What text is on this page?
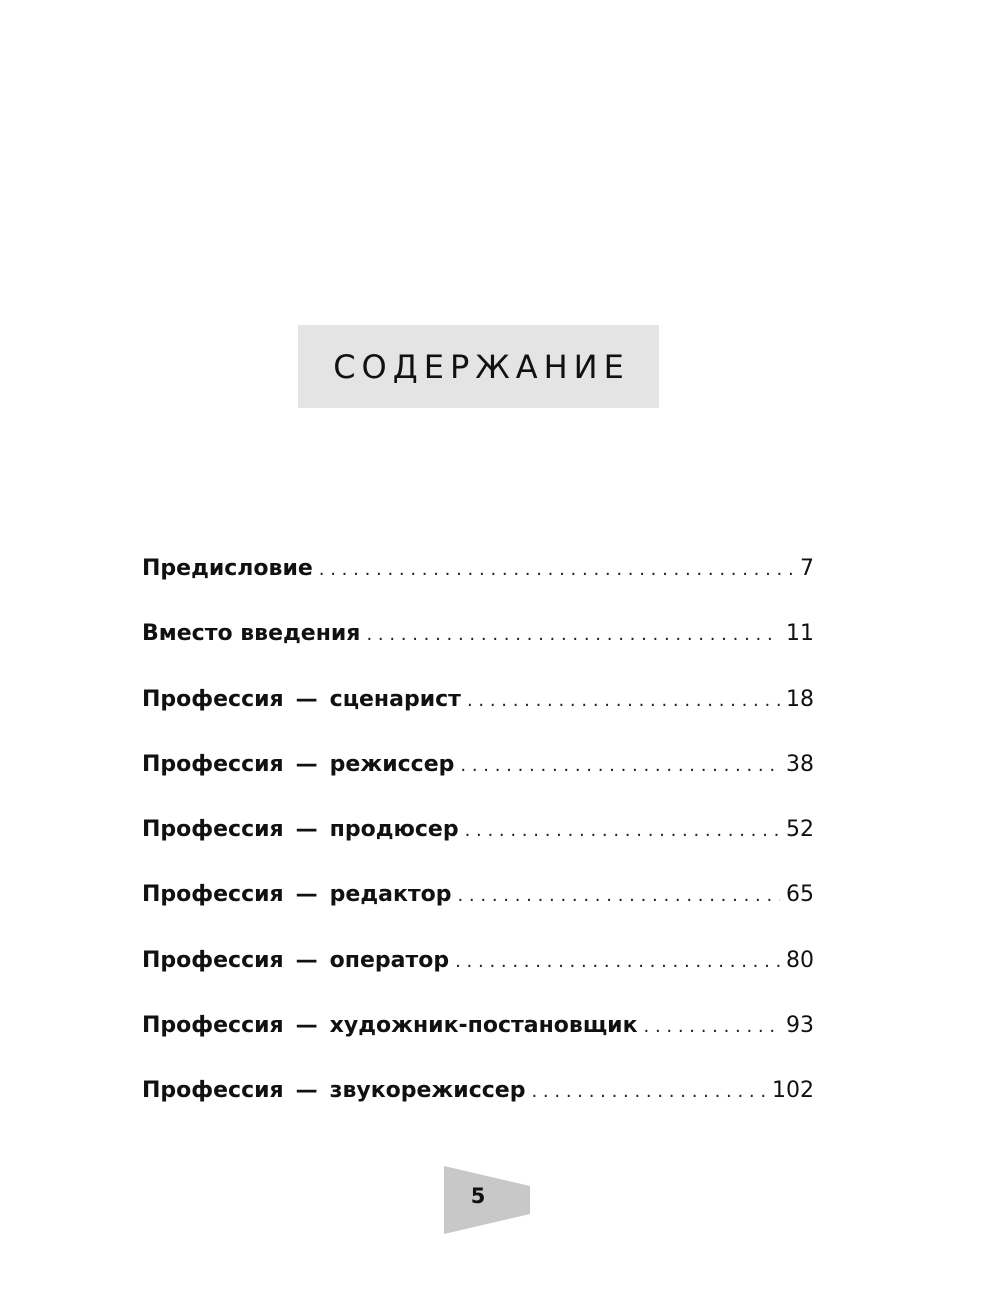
СОДЕРЖАНИЕ
Предисловие . . .	7
Вместо введения . . .	11
Профессия — сценарист . . .	18
Профессия — режиссер . . .	38
Профессия — продюсер . . .	52
Профессия — редактор . . .	65
Профессия — оператор . . .	80
Профессия — художник-постановщик . . .	93
Профессия — звукорежиссер . . .	102
5
